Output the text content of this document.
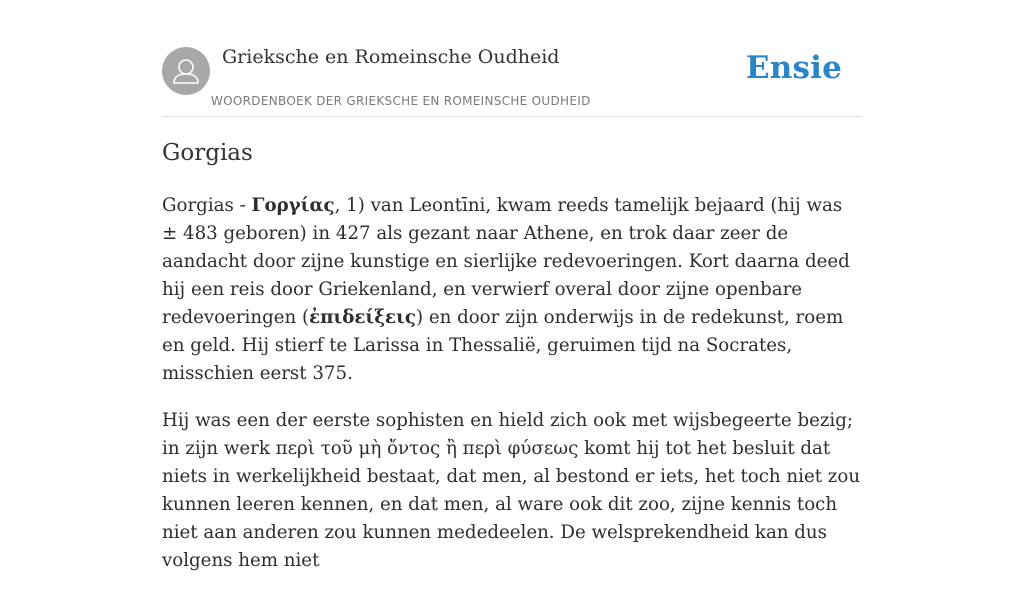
Grieksche en Romeinsche Oudheid
WOORDENBOEK DER GRIEKSCHE EN ROMEINSCHE OUDHEID
Ensie
Gorgias

Gorgias - Γοργίας, 1) van Leontīni, kwam reeds tamelijk bejaard (hij was ± 483 geboren) in 427 als gezant naar Athene, en trok daar zeer de aandacht door zijne kunstige en sierlijke redevoeringen. Kort daarna deed hij een reis door Griekenland, en verwierf overal door zijne openbare redevoeringen (ἐπιδείξεις) en door zijn onderwijs in de redekunst, roem en geld. Hij stierf te Larissa in Thessalië, geruimen tijd na Socrates, misschien eerst 375.

Hij was een der eerste sophisten en hield zich ook met wijsbegeerte bezig; in zijn werk περὶ τοῦ μὴ ὄντος ἢ περὶ φύσεως komt hij tot het besluit dat niets in werkelijkheid bestaat, dat men, al bestond er iets, het toch niet zou kunnen leeren kennen, en dat men, al ware ook dit zoo, zijne kennis toch niet aan anderen zou kunnen mededeelen. De welsprekendheid kan dus volgens hem niet
